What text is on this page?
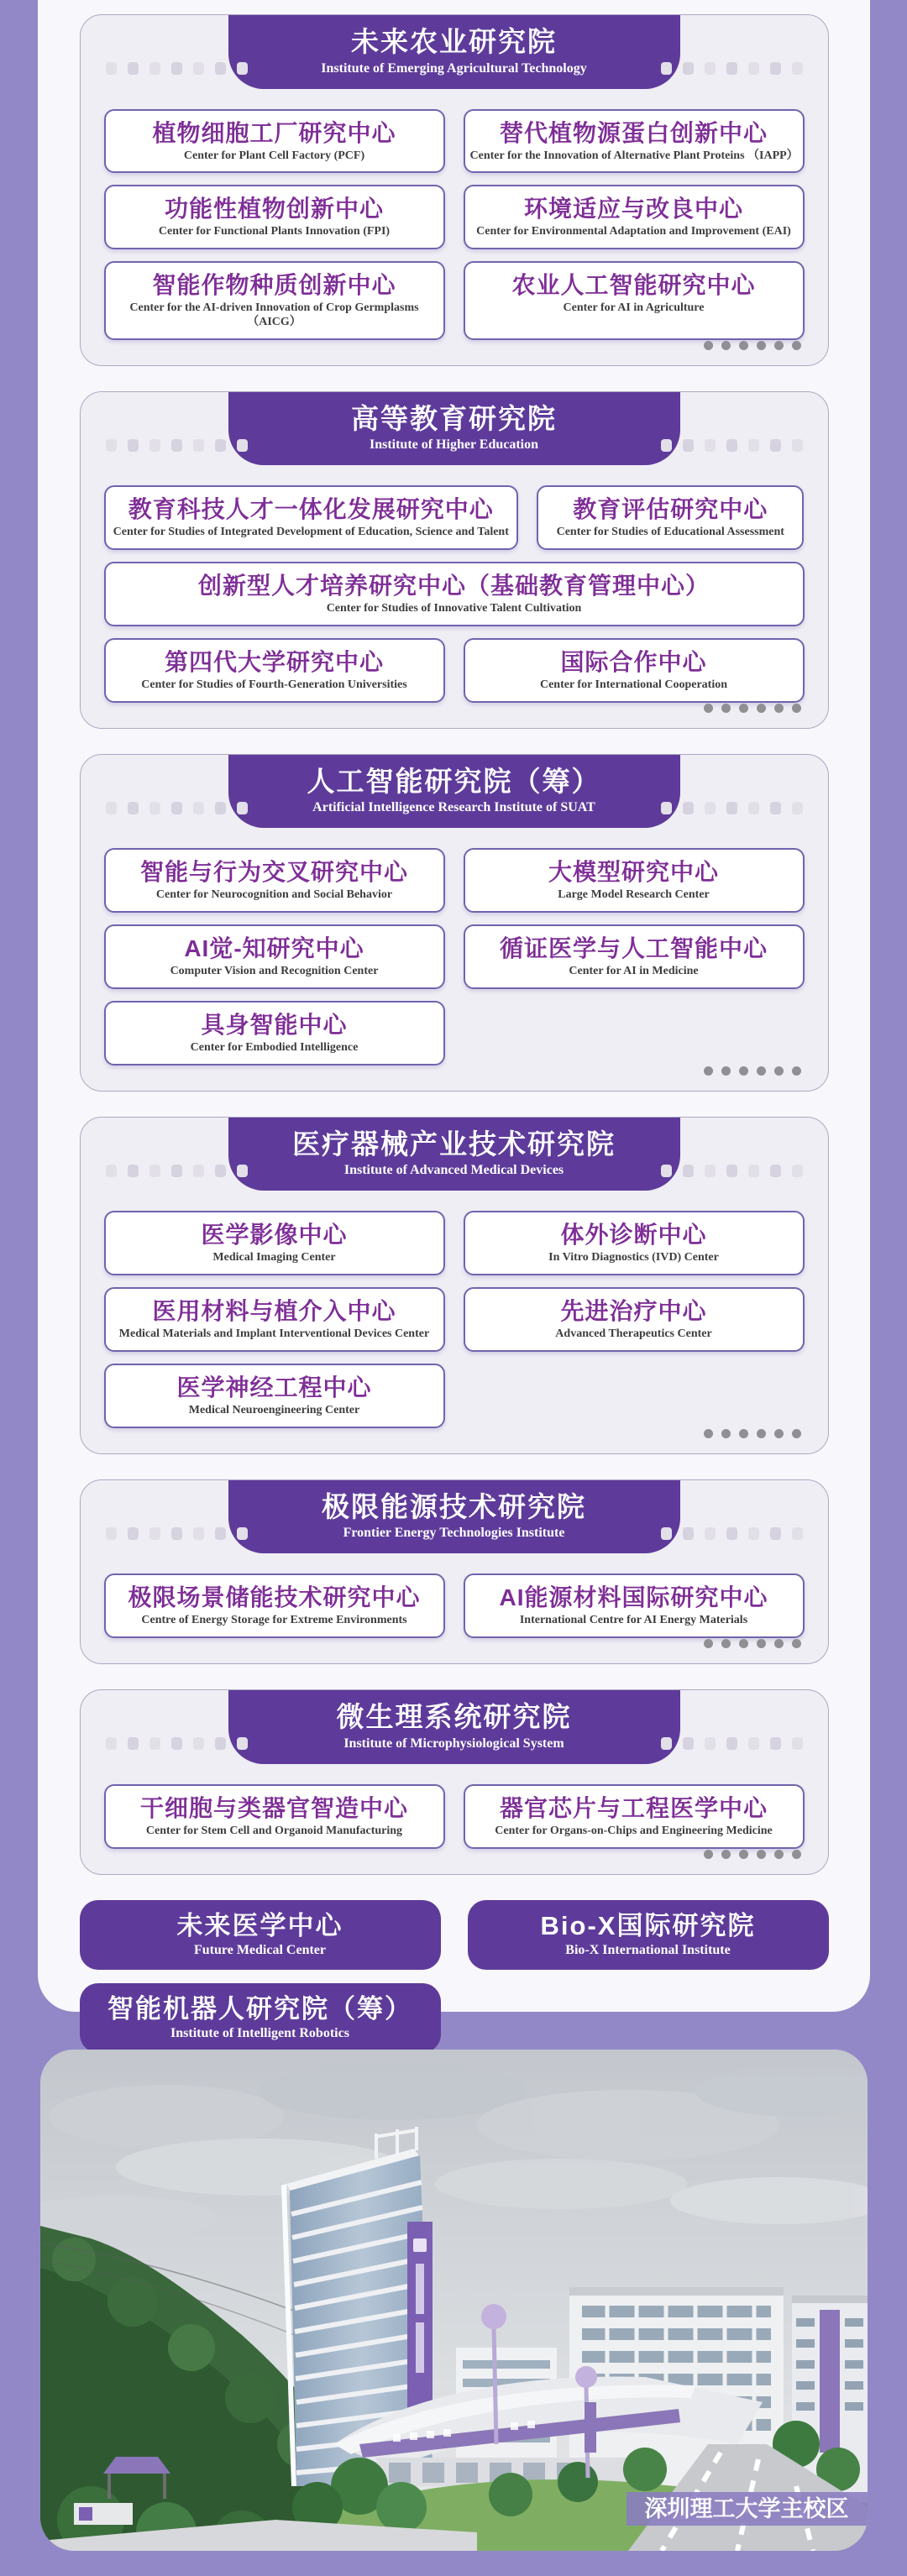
未来农业研究院
Institute of Emerging Agricultural Technology
植物细胞工厂研究中心
Center for Plant Cell Factory (PCF)
替代植物源蛋白创新中心
Center for the Innovation of Alternative Plant Proteins （IAPP）
功能性植物创新中心
Center for Functional Plants Innovation (FPI)
环境适应与改良中心
Center for Environmental Adaptation and Improvement (EAI)
智能作物种质创新中心
Center for the AI-driven Innovation of Crop Germplasms （AICG）
农业人工智能研究中心
Center for AI in Agriculture
高等教育研究院
Institute of Higher Education
教育科技人才一体化发展研究中心
Center for Studies of Integrated Development of Education, Science and Talent
教育评估研究中心
Center for Studies of Educational Assessment
创新型人才培养研究中心（基础教育管理中心）
Center for Studies of Innovative Talent Cultivation
第四代大学研究中心
Center for Studies of Fourth-Generation Universities
国际合作中心
Center for International Cooperation
人工智能研究院（筹）
Artificial Intelligence Research Institute of SUAT
智能与行为交叉研究中心
Center for Neurocognition and Social Behavior
大模型研究中心
Large Model Research Center
AI觉-知研究中心
Computer Vision and Recognition Center
循证医学与人工智能中心
Center for AI in Medicine
具身智能中心
Center for Embodied Intelligence
医疗器械产业技术研究院
Institute of Advanced Medical Devices
医学影像中心
Medical Imaging Center
体外诊断中心
In Vitro Diagnostics (IVD) Center
医用材料与植介入中心
Medical Materials and Implant Interventional Devices Center
先进治疗中心
Advanced Therapeutics Center
医学神经工程中心
Medical Neuroengineering Center
极限能源技术研究院
Frontier Energy Technologies Institute
极限场景储能技术研究中心
Centre of Energy Storage for Extreme Environments
AI能源材料国际研究中心
International Centre for AI Energy Materials
微生理系统研究院
Institute of Microphysiological System
干细胞与类器官智造中心
Center for Stem Cell and Organoid Manufacturing
器官芯片与工程医学中心
Center for Organs-on-Chips and Engineering Medicine
未来医学中心
Future Medical Center
Bio-X国际研究院
Bio-X International Institute
智能机器人研究院（筹）
Institute of Intelligent Robotics
深圳理工大学主校区
